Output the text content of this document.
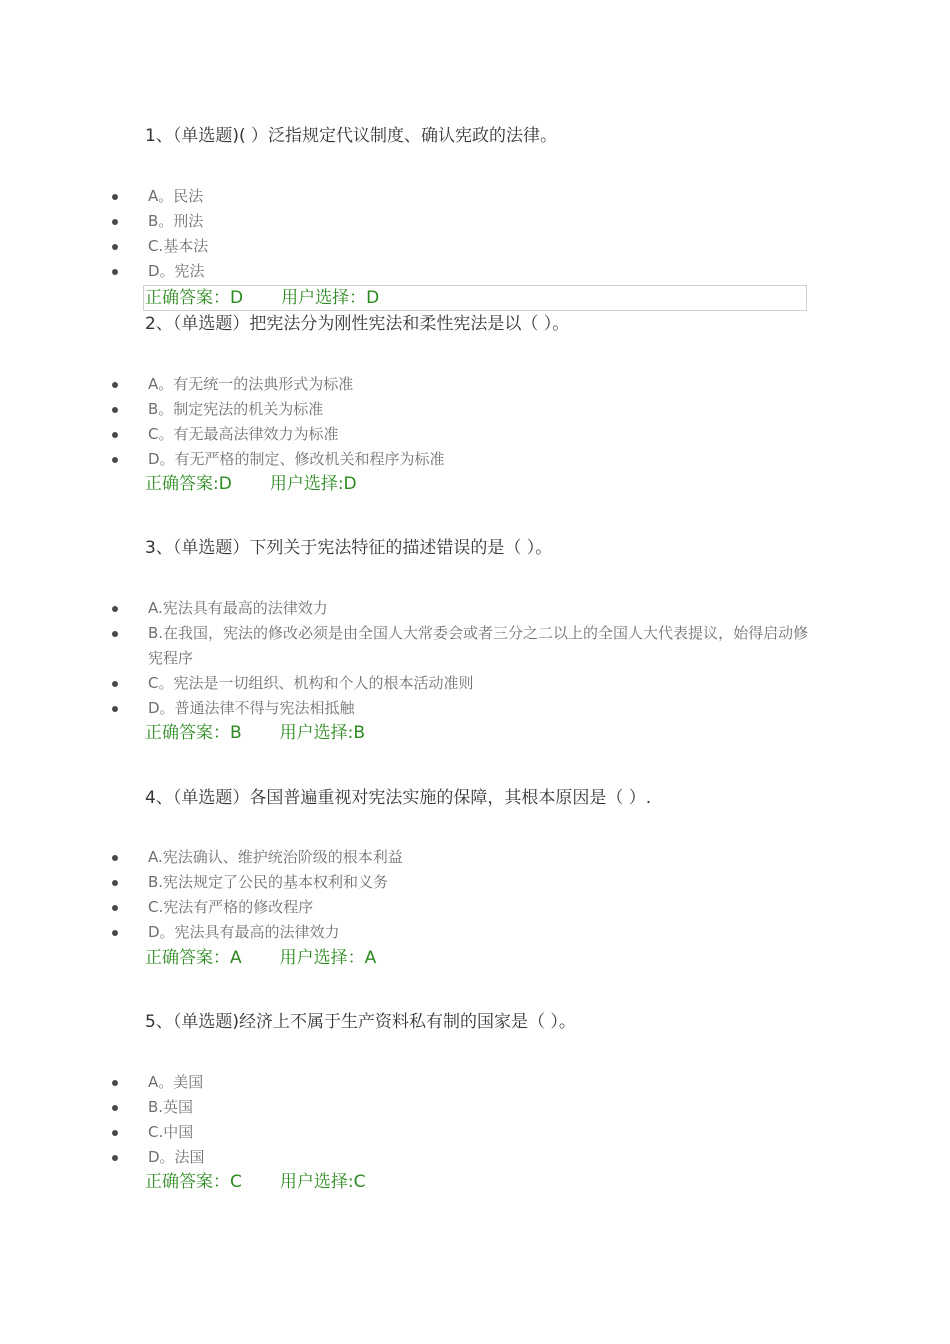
1、（单选题)( ）泛指规定代议制度、确认宪政的法律。
A。民法
B。刑法
C.基本法
D。宪法
正确答案：D 用户选择：D
2、（单选题）把宪法分为刚性宪法和柔性宪法是以（ ）。
A。有无统一的法典形式为标准
B。制定宪法的机关为标准
C。有无最高法律效力为标准
D。有无严格的制定、修改机关和程序为标准
正确答案:D 用户选择:D
3、（单选题）下列关于宪法特征的描述错误的是（ ）。
A.宪法具有最高的法律效力
B.在我国，宪法的修改必须是由全国人大常委会或者三分之二以上的全国人大代表提议，始得启动修宪程序
C。宪法是一切组织、机构和个人的根本活动准则
D。普通法律不得与宪法相抵触
正确答案：B 用户选择:B
4、（单选题）各国普遍重视对宪法实施的保障，其根本原因是（ ）.
A.宪法确认、维护统治阶级的根本利益
B.宪法规定了公民的基本权利和义务
C.宪法有严格的修改程序
D。宪法具有最高的法律效力
正确答案：A 用户选择：A
5、（单选题)经济上不属于生产资料私有制的国家是（ ）。
A。美国
B.英国
C.中国
D。法国
正确答案：C 用户选择:C
